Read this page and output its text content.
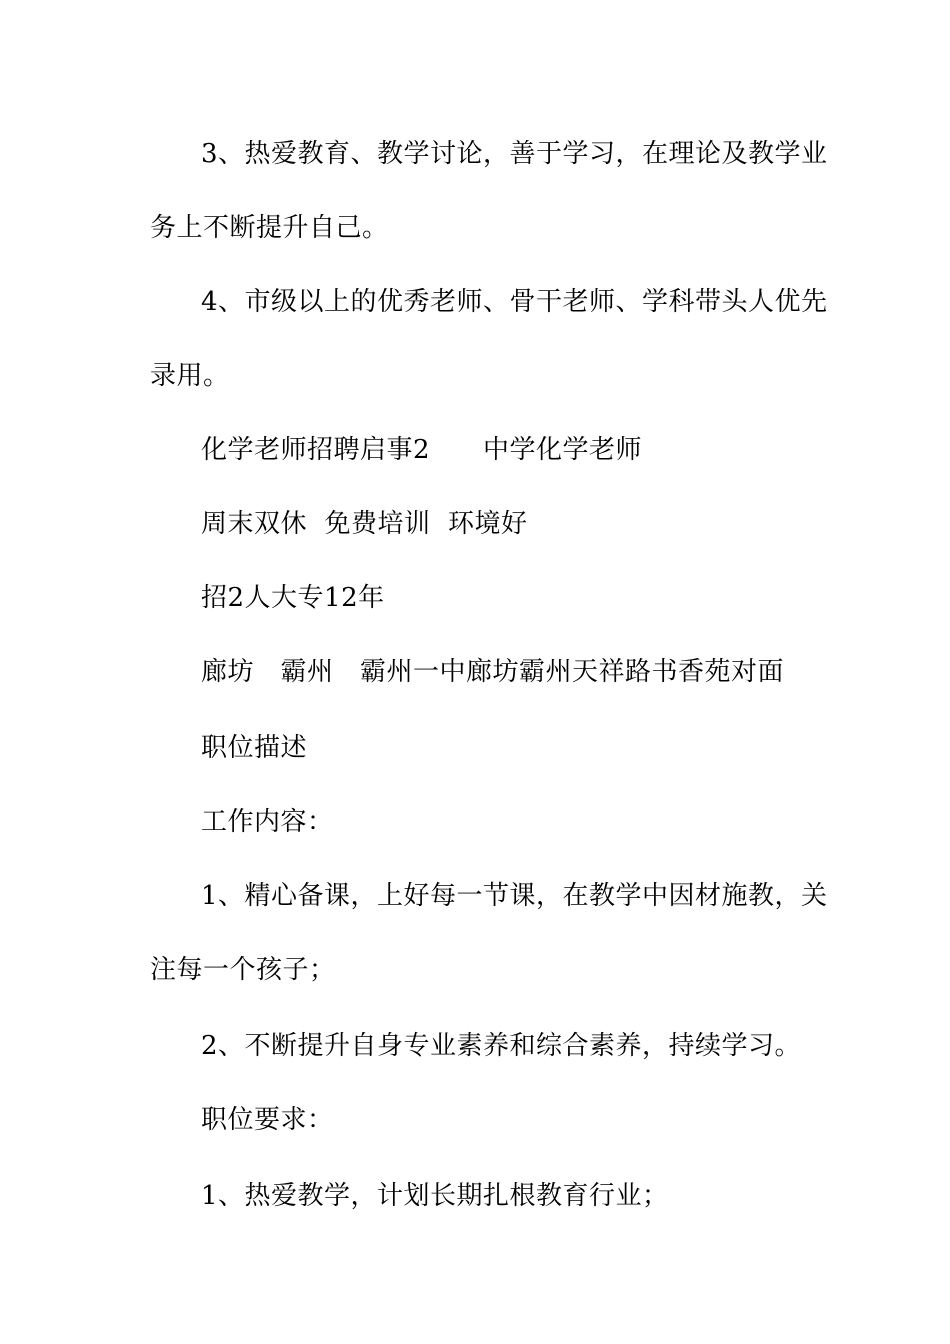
3、热爱教育、教学讨论，善于学习，在理论及教学业
务上不断提升自己。
4、市级以上的优秀老师、骨干老师、学科带头人优先
录用。
化学老师招聘启事2　　中学化学老师
周末双休  免费培训  环境好
招2人大专12年
廊坊　霸州　霸州一中廊坊霸州天祥路书香苑对面
职位描述
工作内容：
1、精心备课，上好每一节课，在教学中因材施教，关
注每一个孩子；
2、不断提升自身专业素养和综合素养，持续学习。
职位要求：
1、热爱教学，计划长期扎根教育行业；
